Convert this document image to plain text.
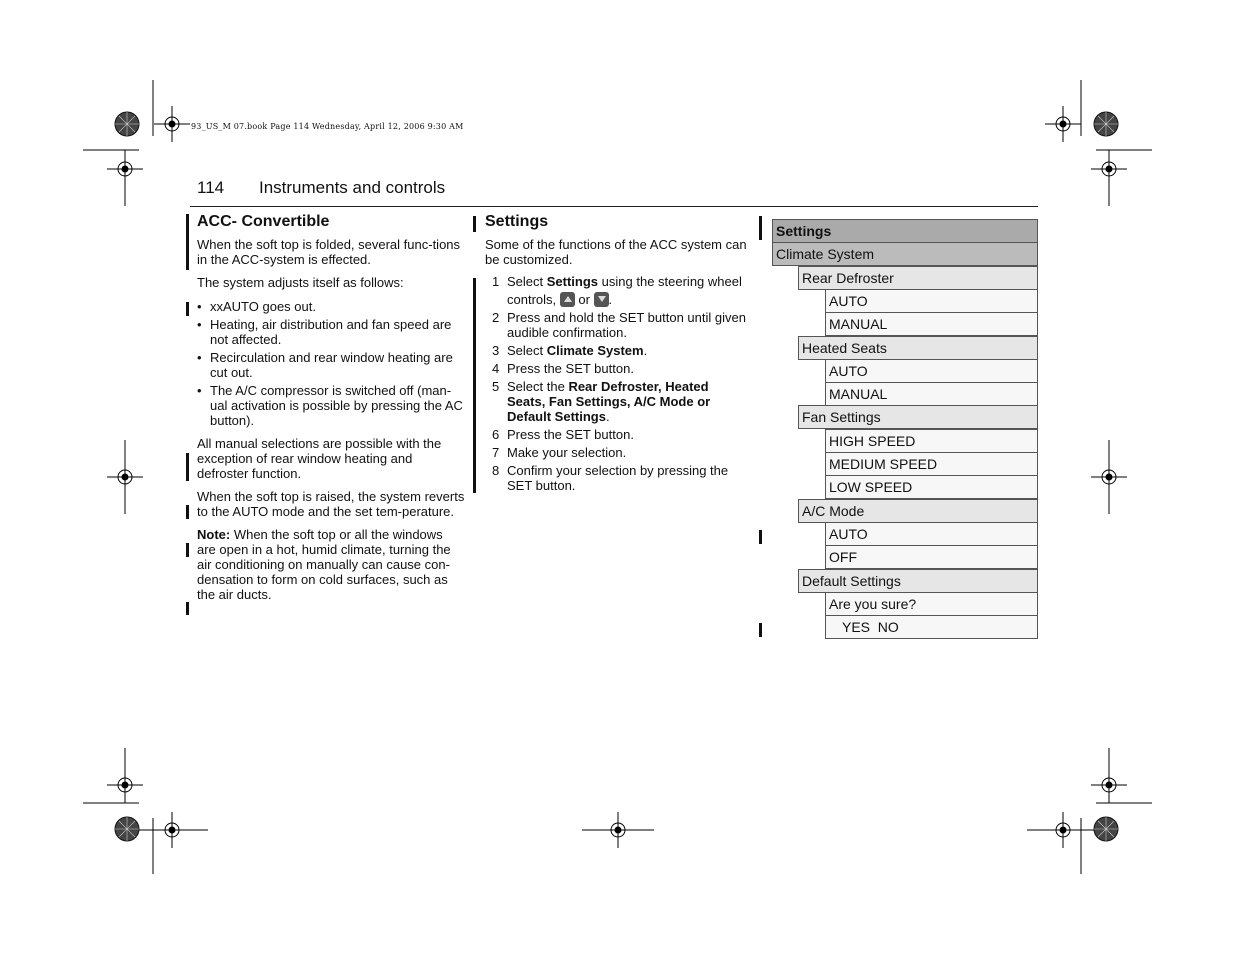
93_US_M 07.book Page 114 Wednesday, April 12, 2006 9:30 AM
114 Instruments and controls
ACC- Convertible

When the soft top is folded, several func-tions in the ACC-system is effected.

The system adjusts itself as follows:

• xxAUTO goes out.
• Heating, air distribution and fan speed are not affected.
• Recirculation and rear window heating are cut out.
• The A/C compressor is switched off (man-ual activation is possible by pressing the AC button).

All manual selections are possible with the exception of rear window heating and defroster function.

When the soft top is raised, the system reverts to the AUTO mode and the set tem-perature.

Note: When the soft top or all the windows are open in a hot, humid climate, turning the air conditioning on manually can cause con-densation to form on cold surfaces, such as the air ducts.

Settings

Some of the functions of the ACC system can be customized.

1 Select Settings using the steering wheel controls,  or .
2 Press and hold the SET button until given audible confirmation.
3 Select Climate System.
4 Press the SET button.
5 Select the Rear Defroster, Heated Seats, Fan Settings, A/C Mode or Default Settings.
6 Press the SET button.
7 Make your selection.
8 Confirm your selection by pressing the SET button.
Settings
Climate System
Rear Defroster
AUTO
MANUAL
Heated Seats
AUTO
MANUAL
Fan Settings
HIGH SPEED
MEDIUM SPEED
LOW SPEED
A/C Mode
AUTO
OFF
Default Settings
Are you sure?
YES  NO
